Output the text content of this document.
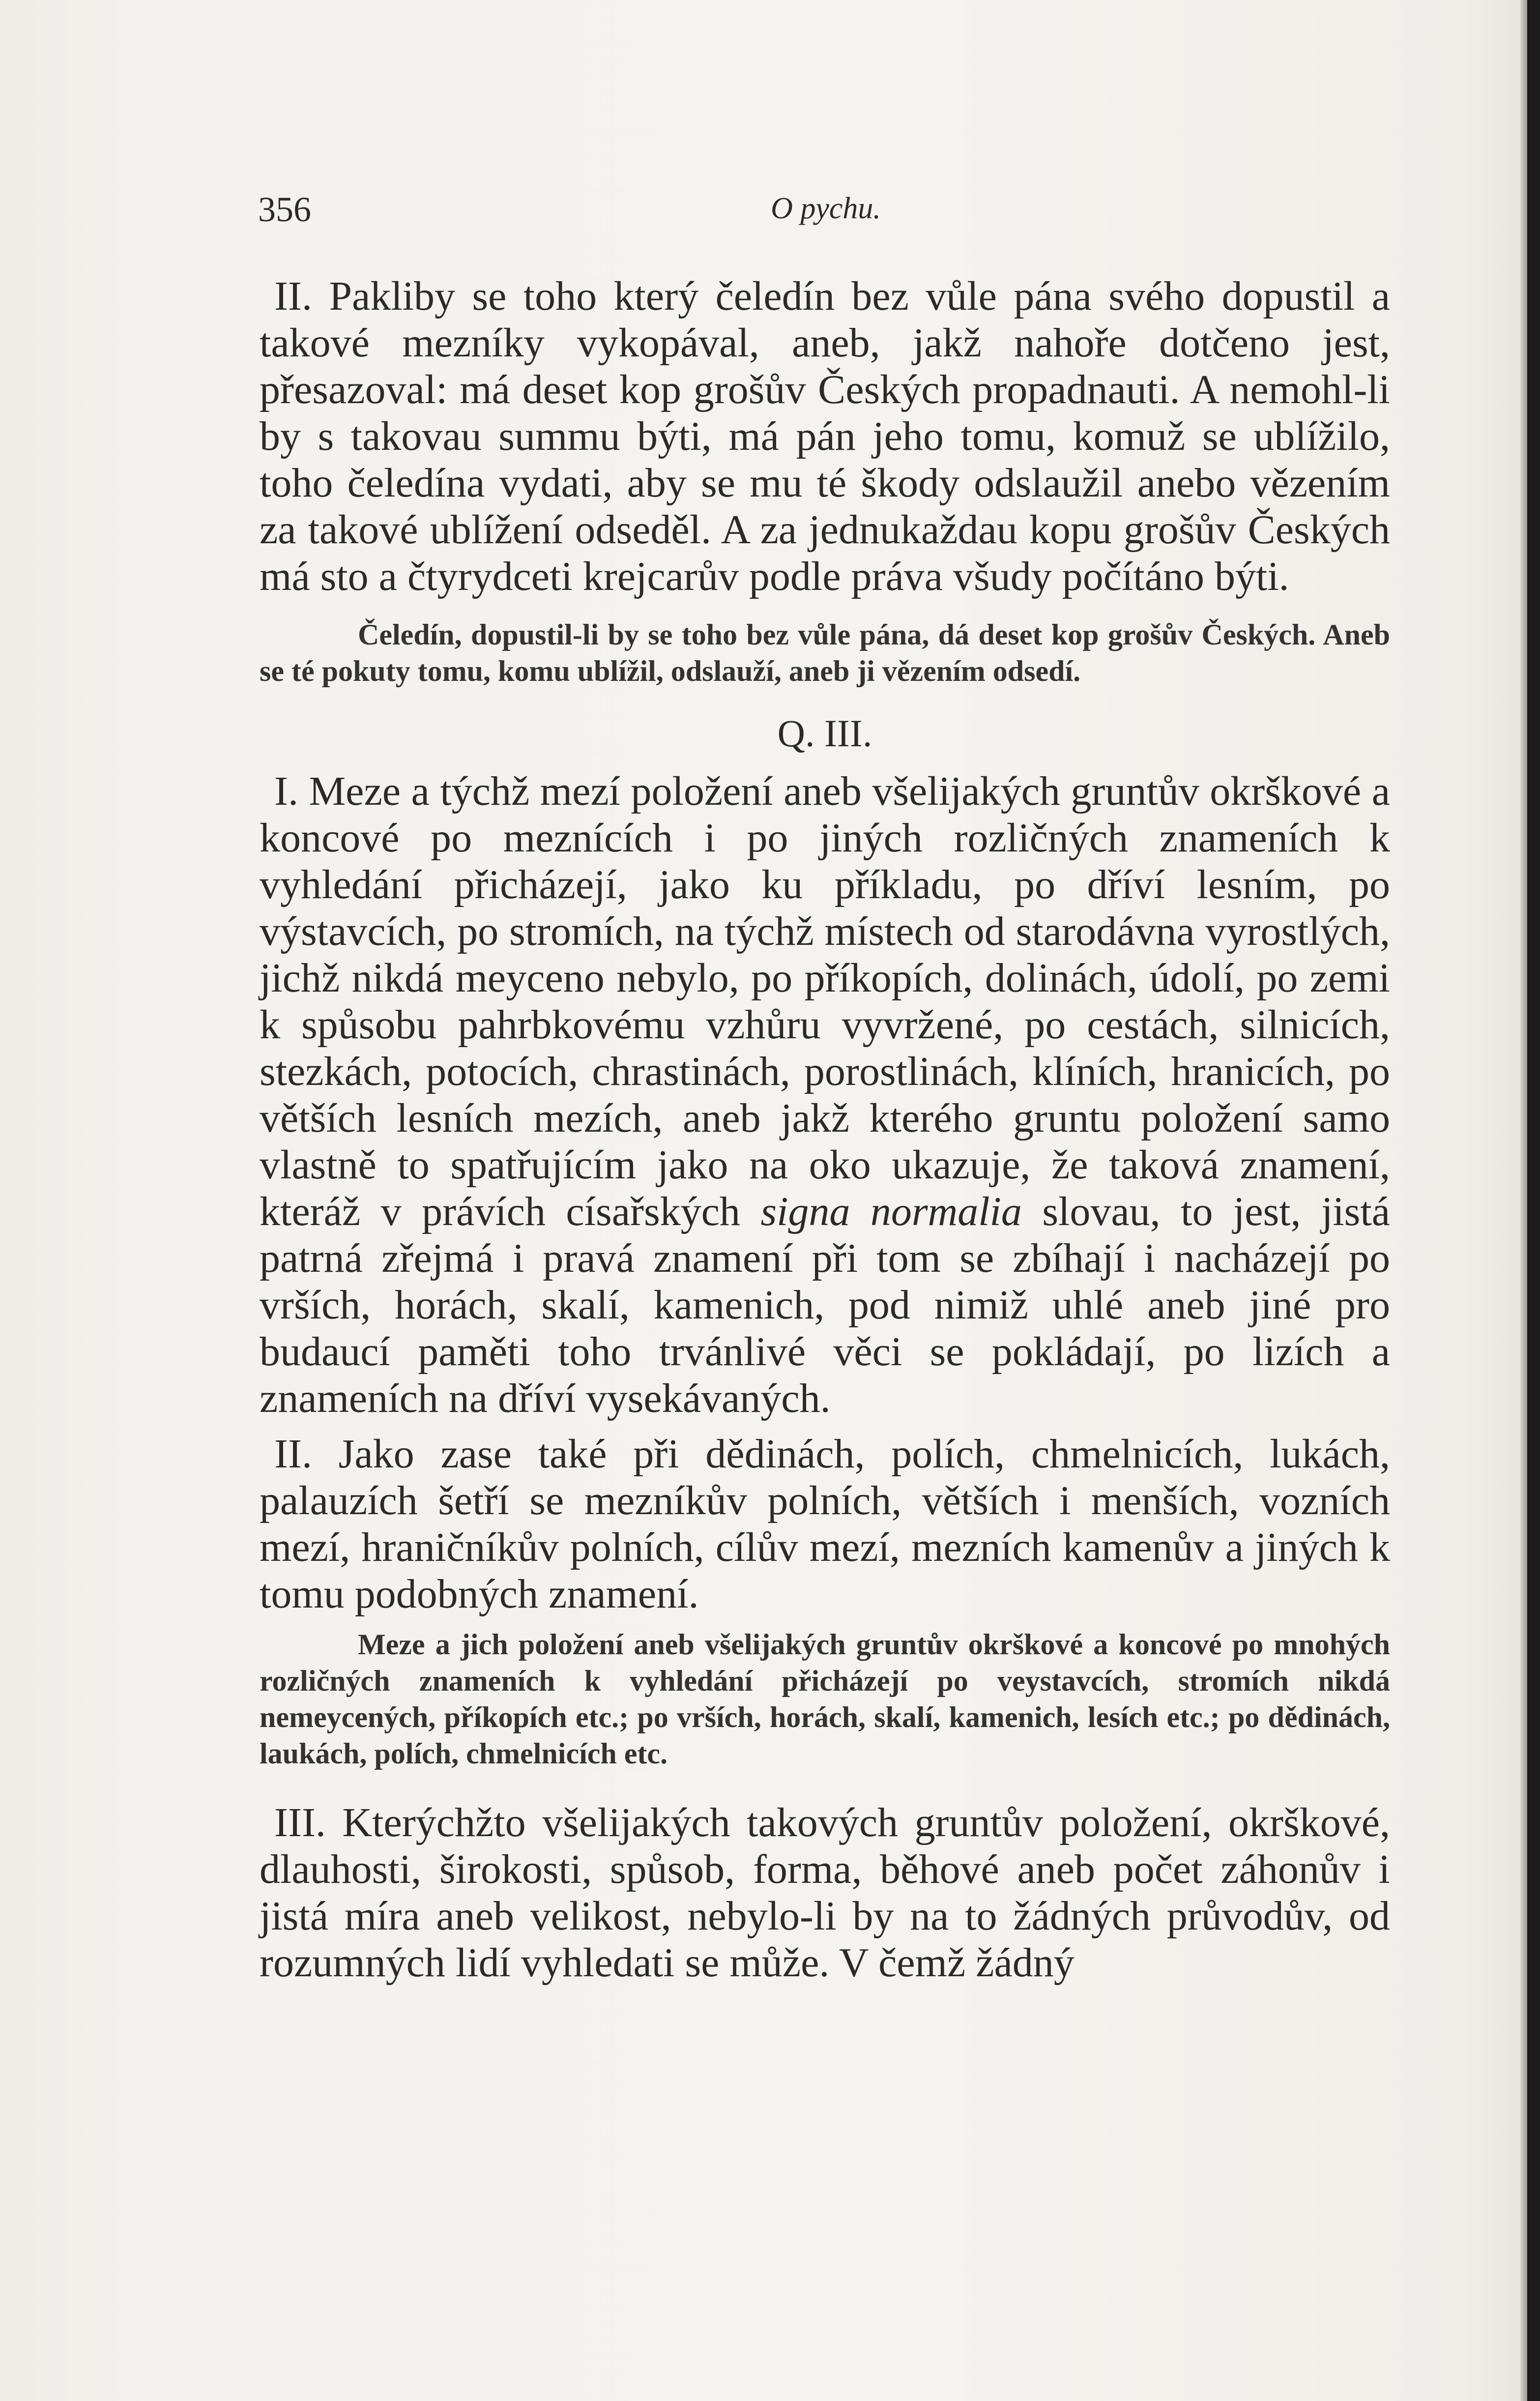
356	O pychu.

II. Pakliby se toho který čeledín bez vůle pána svého dopustil a takové mezníky vykopával, aneb, jakž nahoře dotčeno jest, přesazoval: má deset kop grošův Českých propadnauti. A nemohl-li by s takovau summu býti, má pán jeho tomu, komuž se ublížilo, toho čeledína vydati, aby se mu té škody odslaužil anebo vězením za takové ublížení odseděl. A za jednukaždau kopu grošův Českých má sto a čtyrydceti krejcarův podle práva všudy počítáno býti.

Čeledín, dopustil-li by se toho bez vůle pána, dá deset kop grošův Českých. Aneb se té pokuty tomu, komu ublížil, odslauží, aneb ji vězením odsedí.

Q. III.

I. Meze a týchž mezí položení aneb všelijakých gruntův okrškové a koncové po meznících i po jiných rozličných znameních k vyhledání přicházejí, jako ku příkladu, po dříví lesním, po výstavcích, po stromích, na týchž místech od starodávna vyrostlých, jichž nikdá meyceno nebylo, po příkopích, dolinách, údolí, po zemi k spůsobu pahrbkovému vzhůru vyvržené, po cestách, silnicích, stezkách, potocích, chrastinách, porostlinách, klíních, hranicích, po větších lesních mezích, aneb jakž kterého gruntu položení samo vlastně to spatřujícím jako na oko ukazuje, že taková znamení, kteráž v právích císařských signa normalia slovau, to jest, jistá patrná zřejmá i pravá znamení při tom se zbíhají i nacházejí po vrších, horách, skalí, kamenich, pod nimiž uhlé aneb jiné pro budaucí paměti toho trvánlivé věci se pokládají, po lizích a znameních na dříví vysekávaných.

II. Jako zase také při dědinách, polích, chmelnicích, lukách, palauzích šetří se mezníkův polních, větších i menších, vozních mezí, hraničníkův polních, cílův mezí, mezních kamenův a jiných k tomu podobných znamení.

Meze a jich položení aneb všelijakých gruntův okrškové a koncové po mnohých rozličných znameních k vyhledání přicházejí po veystavcích, stromích nikdá nemeycených, příkopích etc.; po vrších, horách, skalí, kamenich, lesích etc.; po dědinách, laukách, polích, chmelnicích etc.

III. Kterýchžto všelijakých takových gruntův položení, okrškové, dlauhosti, širokosti, spůsob, forma, běhové aneb počet záhonův i jistá míra aneb velikost, nebylo-li by na to žádných průvodův, od rozumných lidí vyhledati se může. V čemž žádný
